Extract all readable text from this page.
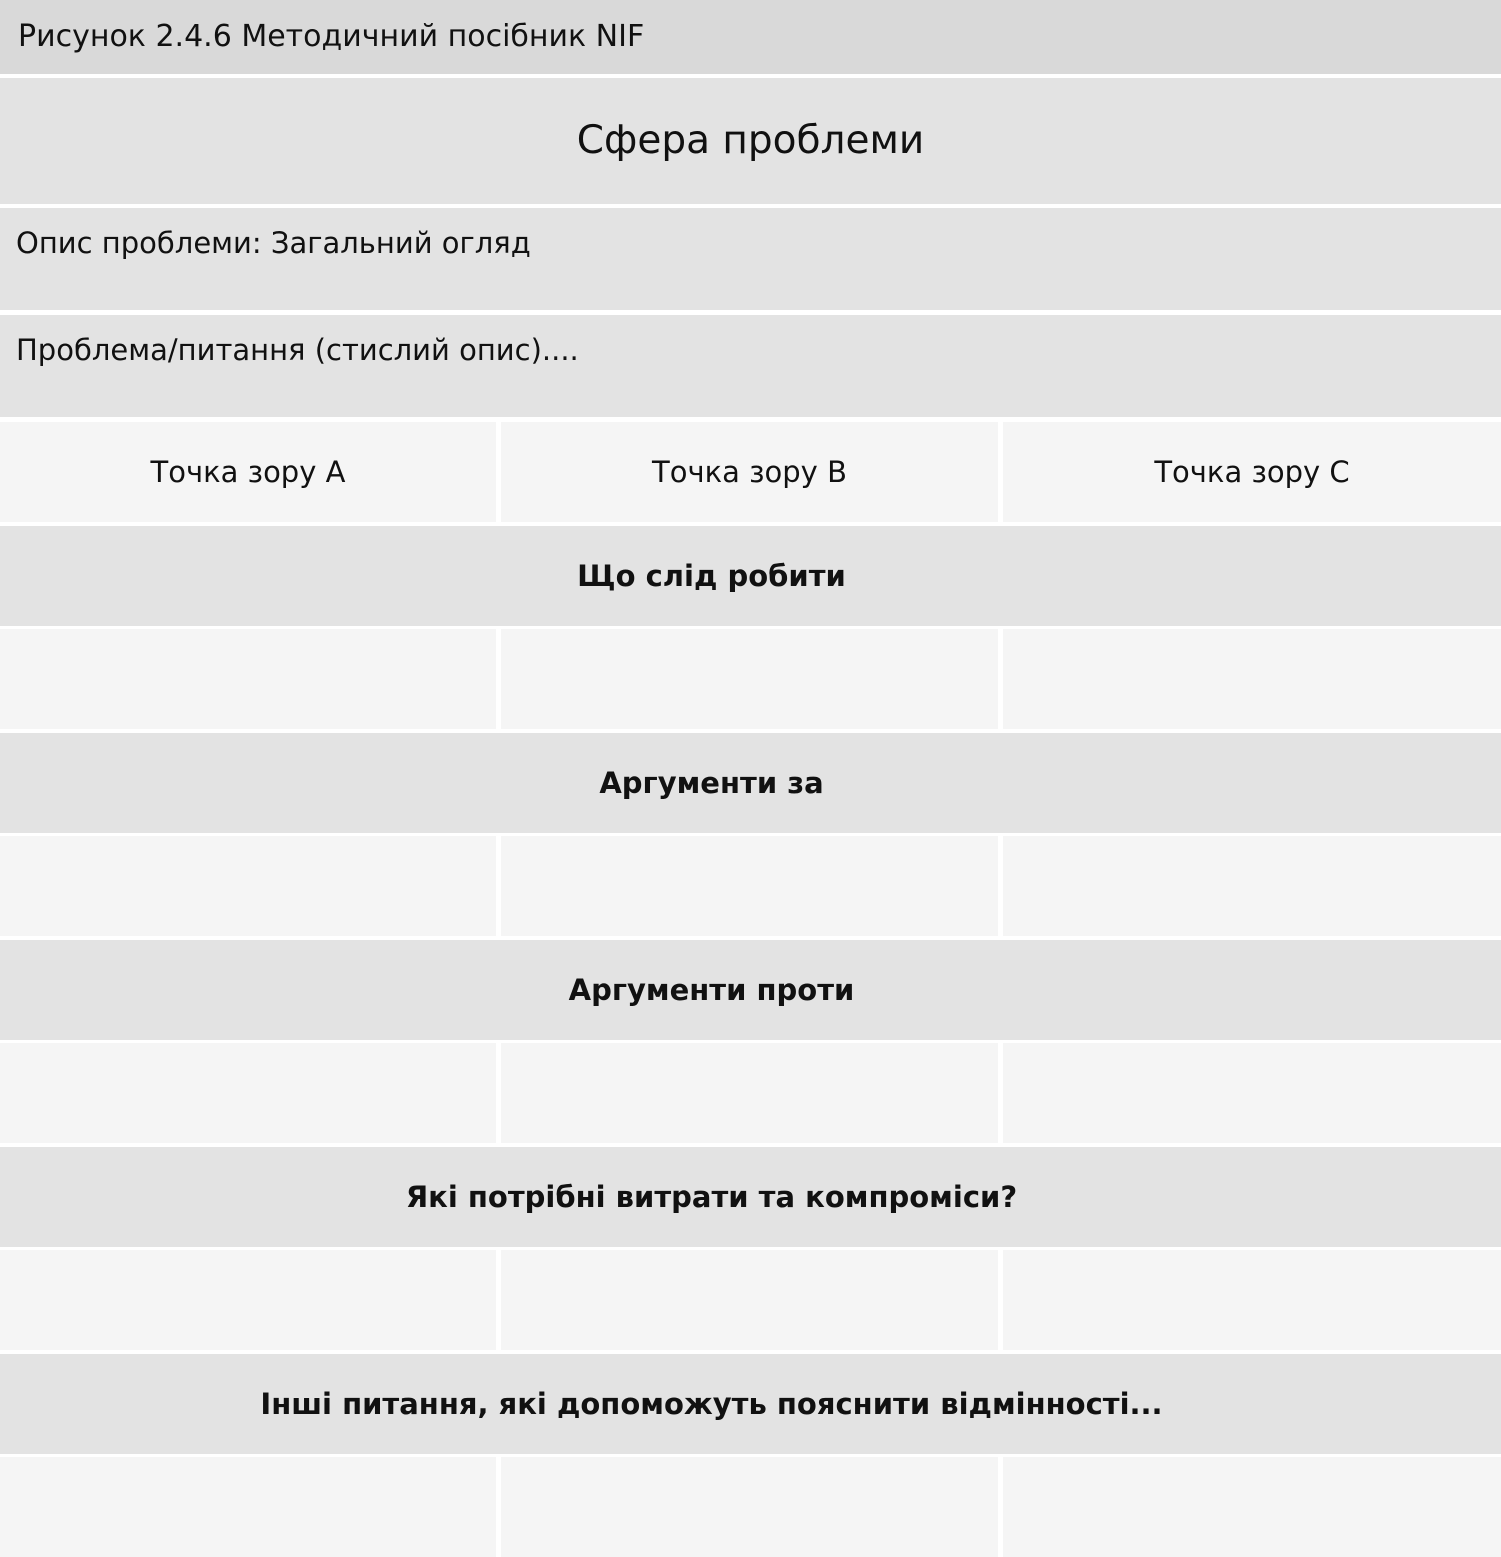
Рисунок 2.4.6 Методичний посібник NIF
Сфера проблеми
Опис проблеми: Загальний огляд
Проблема/питання (стислий опис)....
Точка зору A	Точка зору B	Точка зору C
Що слід робити
Аргументи за
Аргументи проти
Які потрібні витрати та компроміси?
Інші питання, які допоможуть пояснити відмінності...
